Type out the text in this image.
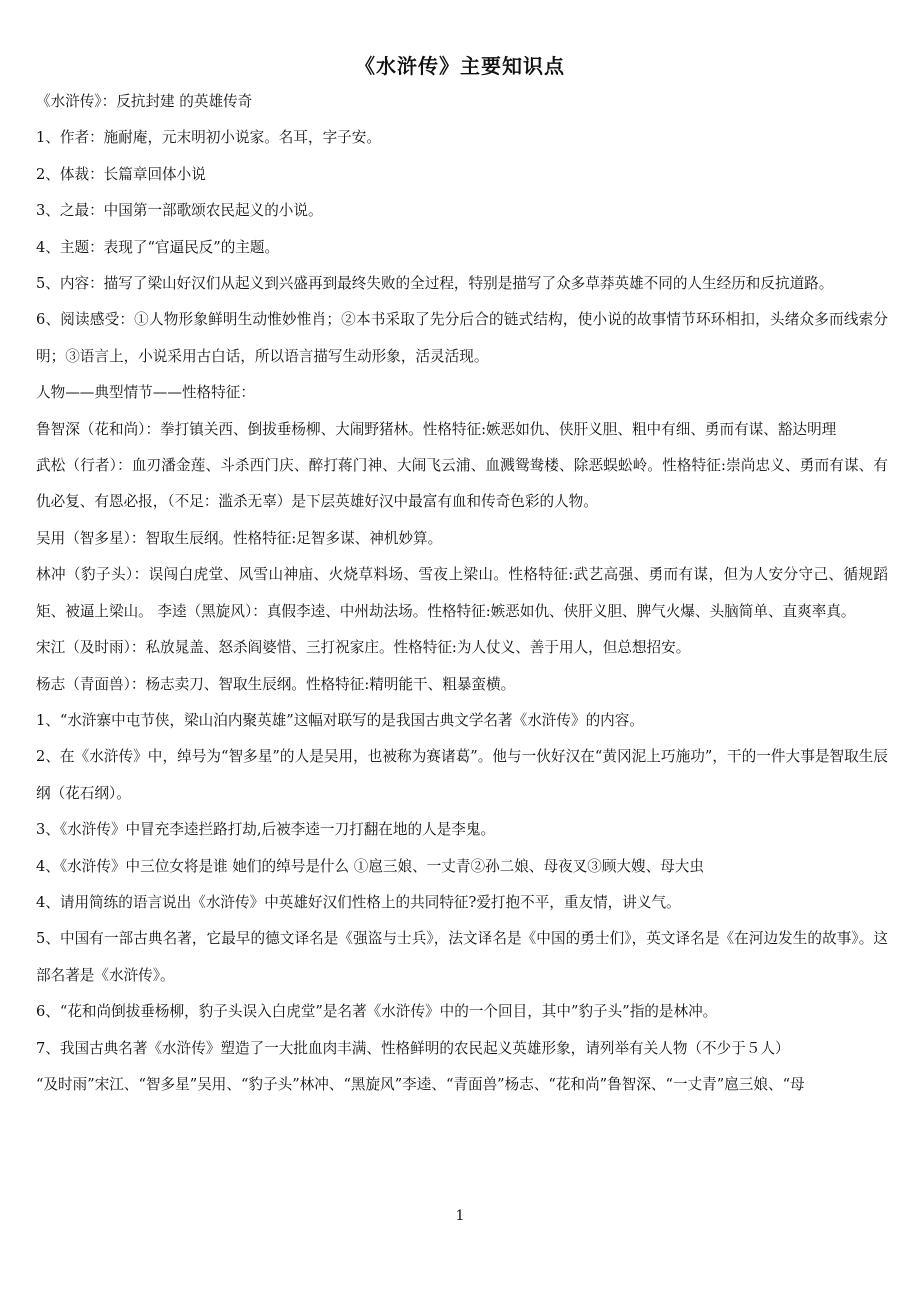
《水浒传》主要知识点

《水浒传》：反抗封建 的英雄传奇

1、作者：施耐庵，元末明初小说家。名耳，字子安。

2、体裁：长篇章回体小说

3、之最：中国第一部歌颂农民起义的小说。

4、主题：表现了“官逼民反”的主题。

5、内容：描写了梁山好汉们从起义到兴盛再到最终失败的全过程，特别是描写了众多草莽英雄不同的人生经历和反抗道路。

6、阅读感受：①人物形象鲜明生动惟妙惟肖；②本书采取了先分后合的链式结构，使小说的故事情节环环相扣，头绪众多而线索分明；③语言上，小说采用古白话，所以语言描写生动形象，活灵活现。

人物——典型情节——性格特征：

鲁智深（花和尚）：拳打镇关西、倒拔垂杨柳、大闹野猪林。性格特征:嫉恶如仇、侠肝义胆、粗中有细、勇而有谋、豁达明理

武松（行者）：血刃潘金莲、斗杀西门庆、醉打蒋门神、大闹飞云浦、血溅鸳鸯楼、除恶蜈蚣岭。性格特征:崇尚忠义、勇而有谋、有仇必复、有恩必报，（不足：滥杀无辜）是下层英雄好汉中最富有血和传奇色彩的人物。

吴用（智多星）：智取生辰纲。性格特征:足智多谋、神机妙算。

林冲（豹子头）：误闯白虎堂、风雪山神庙、火烧草料场、雪夜上梁山。性格特征:武艺高强、勇而有谋，但为人安分守己、循规蹈矩、被逼上梁山。 李逵（黑旋风）：真假李逵、中州劫法场。性格特征:嫉恶如仇、侠肝义胆、脾气火爆、头脑简单、直爽率真。

宋江（及时雨）：私放晁盖、怒杀阎婆惜、三打祝家庄。性格特征:为人仗义、善于用人，但总想招安。

杨志（青面兽）：杨志卖刀、智取生辰纲。性格特征:精明能干、粗暴蛮横。

1、“水浒寨中屯节侠，梁山泊内聚英雄”这幅对联写的是我国古典文学名著《水浒传》的内容。

2、在《水浒传》中，绰号为“智多星”的人是吴用，也被称为赛诸葛”。他与一伙好汉在“黄冈泥上巧施功”，干的一件大事是智取生辰纲（花石纲）。

3、《水浒传》中冒充李逵拦路打劫,后被李逵一刀打翻在地的人是李鬼。

4、《水浒传》中三位女将是谁 她们的绰号是什么 ①扈三娘、一丈青②孙二娘、母夜叉③顾大嫂、母大虫

4、请用简练的语言说出《水浒传》中英雄好汉们性格上的共同特征?爱打抱不平，重友情，讲义气。

5、中国有一部古典名著，它最早的德文译名是《强盗与士兵》，法文译名是《中国的勇士们》，英文译名是《在河边发生的故事》。这部名著是《水浒传》。

6、“花和尚倒拔垂杨柳，豹子头误入白虎堂”是名著《水浒传》中的一个回目，其中”豹子头”指的是林冲。

7、我国古典名著《水浒传》塑造了一大批血肉丰满、性格鲜明的农民起义英雄形象，请列举有关人物（不少于５人）

“及时雨”宋江、“智多星”吴用、“豹子头”林冲、“黑旋风”李逵、“青面兽”杨志、“花和尚”鲁智深、“一丈青”扈三娘、“母

1
